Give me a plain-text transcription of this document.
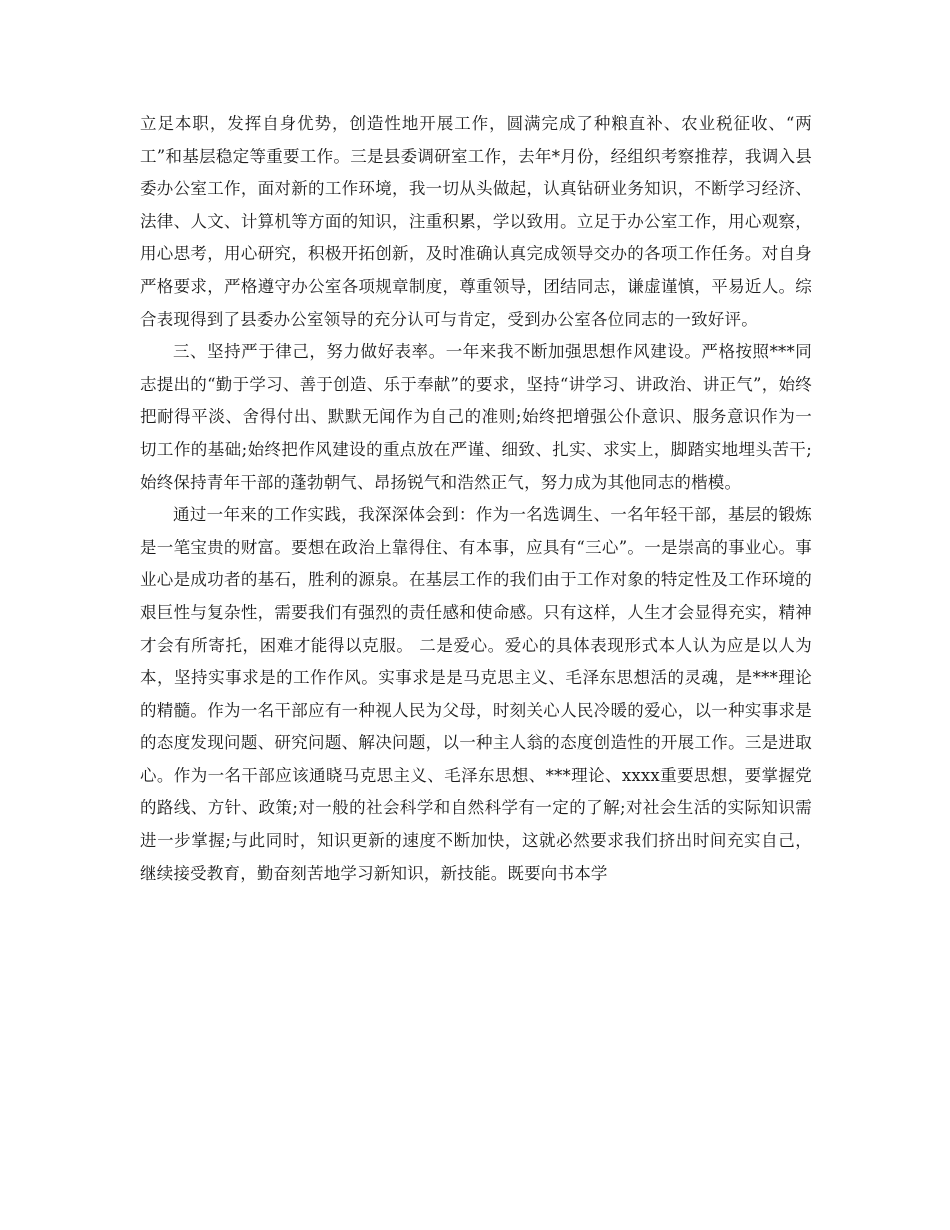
立足本职，发挥自身优势，创造性地开展工作，圆满完成了种粮直补、农业税征收、“两工”和基层稳定等重要工作。三是县委调研室工作，去年*月份，经组织考察推荐，我调入县委办公室工作，面对新的工作环境，我一切从头做起，认真钻研业务知识，不断学习经济、法律、人文、计算机等方面的知识，注重积累，学以致用。立足于办公室工作，用心观察，用心思考，用心研究，积极开拓创新，及时准确认真完成领导交办的各项工作任务。对自身严格要求，严格遵守办公室各项规章制度，尊重领导，团结同志，谦虚谨慎，平易近人。综合表现得到了县委办公室领导的充分认可与肯定，受到办公室各位同志的一致好评。

三、坚持严于律己，努力做好表率。一年来我不断加强思想作风建设。严格按照***同志提出的“勤于学习、善于创造、乐于奉献”的要求，坚持“讲学习、讲政治、讲正气”，始终把耐得平淡、舍得付出、默默无闻作为自己的准则;始终把增强公仆意识、服务意识作为一切工作的基础;始终把作风建设的重点放在严谨、细致、扎实、求实上，脚踏实地埋头苦干;始终保持青年干部的蓬勃朝气、昂扬锐气和浩然正气，努力成为其他同志的楷模。

通过一年来的工作实践，我深深体会到：作为一名选调生、一名年轻干部，基层的锻炼是一笔宝贵的财富。要想在政治上靠得住、有本事，应具有“三心”。一是崇高的事业心。事业心是成功者的基石，胜利的源泉。在基层工作的我们由于工作对象的特定性及工作环境的艰巨性与复杂性，需要我们有强烈的责任感和使命感。只有这样，人生才会显得充实，精神才会有所寄托，困难才能得以克服。 二是爱心。爱心的具体表现形式本人认为应是以人为本，坚持实事求是的工作作风。实事求是是马克思主义、毛泽东思想活的灵魂，是***理论的精髓。作为一名干部应有一种视人民为父母，时刻关心人民冷暖的爱心，以一种实事求是的态度发现问题、研究问题、解决问题，以一种主人翁的态度创造性的开展工作。三是进取心。作为一名干部应该通晓马克思主义、毛泽东思想、***理论、xxxx重要思想，要掌握党的路线、方针、政策;对一般的社会科学和自然科学有一定的了解;对社会生活的实际知识需进一步掌握;与此同时，知识更新的速度不断加快，这就必然要求我们挤出时间充实自己，继续接受教育，勤奋刻苦地学习新知识，新技能。既要向书本学
